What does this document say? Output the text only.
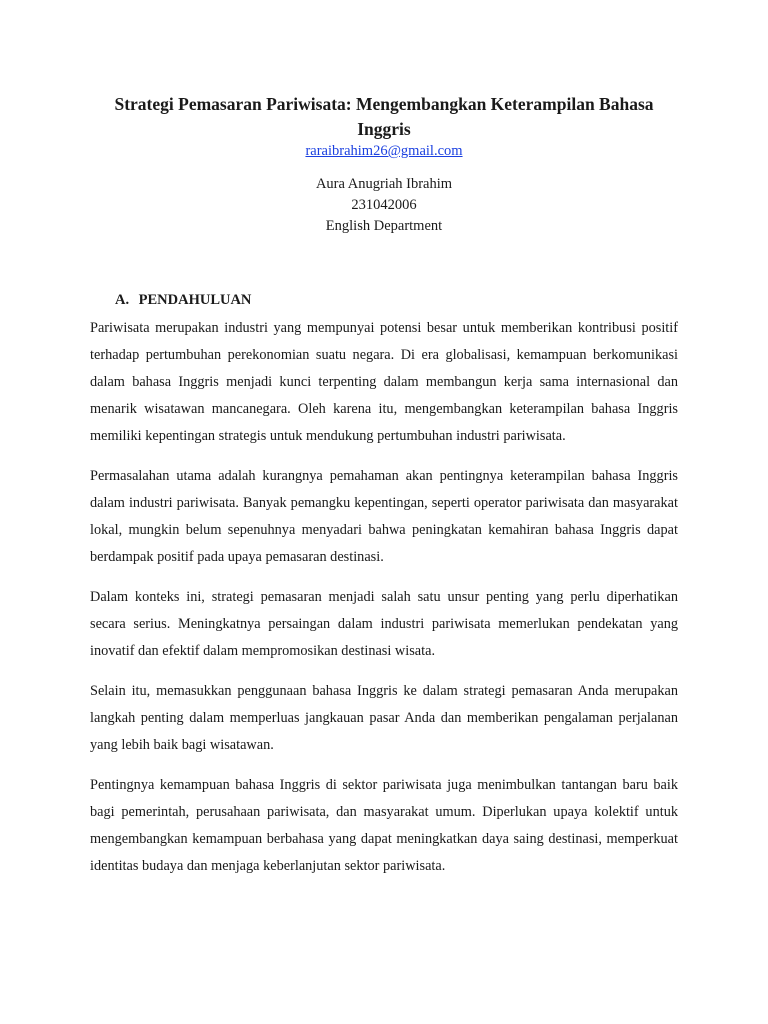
Strategi Pemasaran Pariwisata: Mengembangkan Keterampilan Bahasa Inggris
raraibrahim26@gmail.com
Aura Anugriah Ibrahim
231042006
English Department
A. PENDAHULUAN

Pariwisata merupakan industri yang mempunyai potensi besar untuk memberikan kontribusi positif terhadap pertumbuhan perekonomian suatu negara. Di era globalisasi, kemampuan berkomunikasi dalam bahasa Inggris menjadi kunci terpenting dalam membangun kerja sama internasional dan menarik wisatawan mancanegara. Oleh karena itu, mengembangkan keterampilan bahasa Inggris memiliki kepentingan strategis untuk mendukung pertumbuhan industri pariwisata.

Permasalahan utama adalah kurangnya pemahaman akan pentingnya keterampilan bahasa Inggris dalam industri pariwisata. Banyak pemangku kepentingan, seperti operator pariwisata dan masyarakat lokal, mungkin belum sepenuhnya menyadari bahwa peningkatan kemahiran bahasa Inggris dapat berdampak positif pada upaya pemasaran destinasi.

Dalam konteks ini, strategi pemasaran menjadi salah satu unsur penting yang perlu diperhatikan secara serius. Meningkatnya persaingan dalam industri pariwisata memerlukan pendekatan yang inovatif dan efektif dalam mempromosikan destinasi wisata.

Selain itu, memasukkan penggunaan bahasa Inggris ke dalam strategi pemasaran Anda merupakan langkah penting dalam memperluas jangkauan pasar Anda dan memberikan pengalaman perjalanan yang lebih baik bagi wisatawan.

Pentingnya kemampuan bahasa Inggris di sektor pariwisata juga menimbulkan tantangan baru baik bagi pemerintah, perusahaan pariwisata, dan masyarakat umum. Diperlukan upaya kolektif untuk mengembangkan kemampuan berbahasa yang dapat meningkatkan daya saing destinasi, memperkuat identitas budaya dan menjaga keberlanjutan sektor pariwisata.
